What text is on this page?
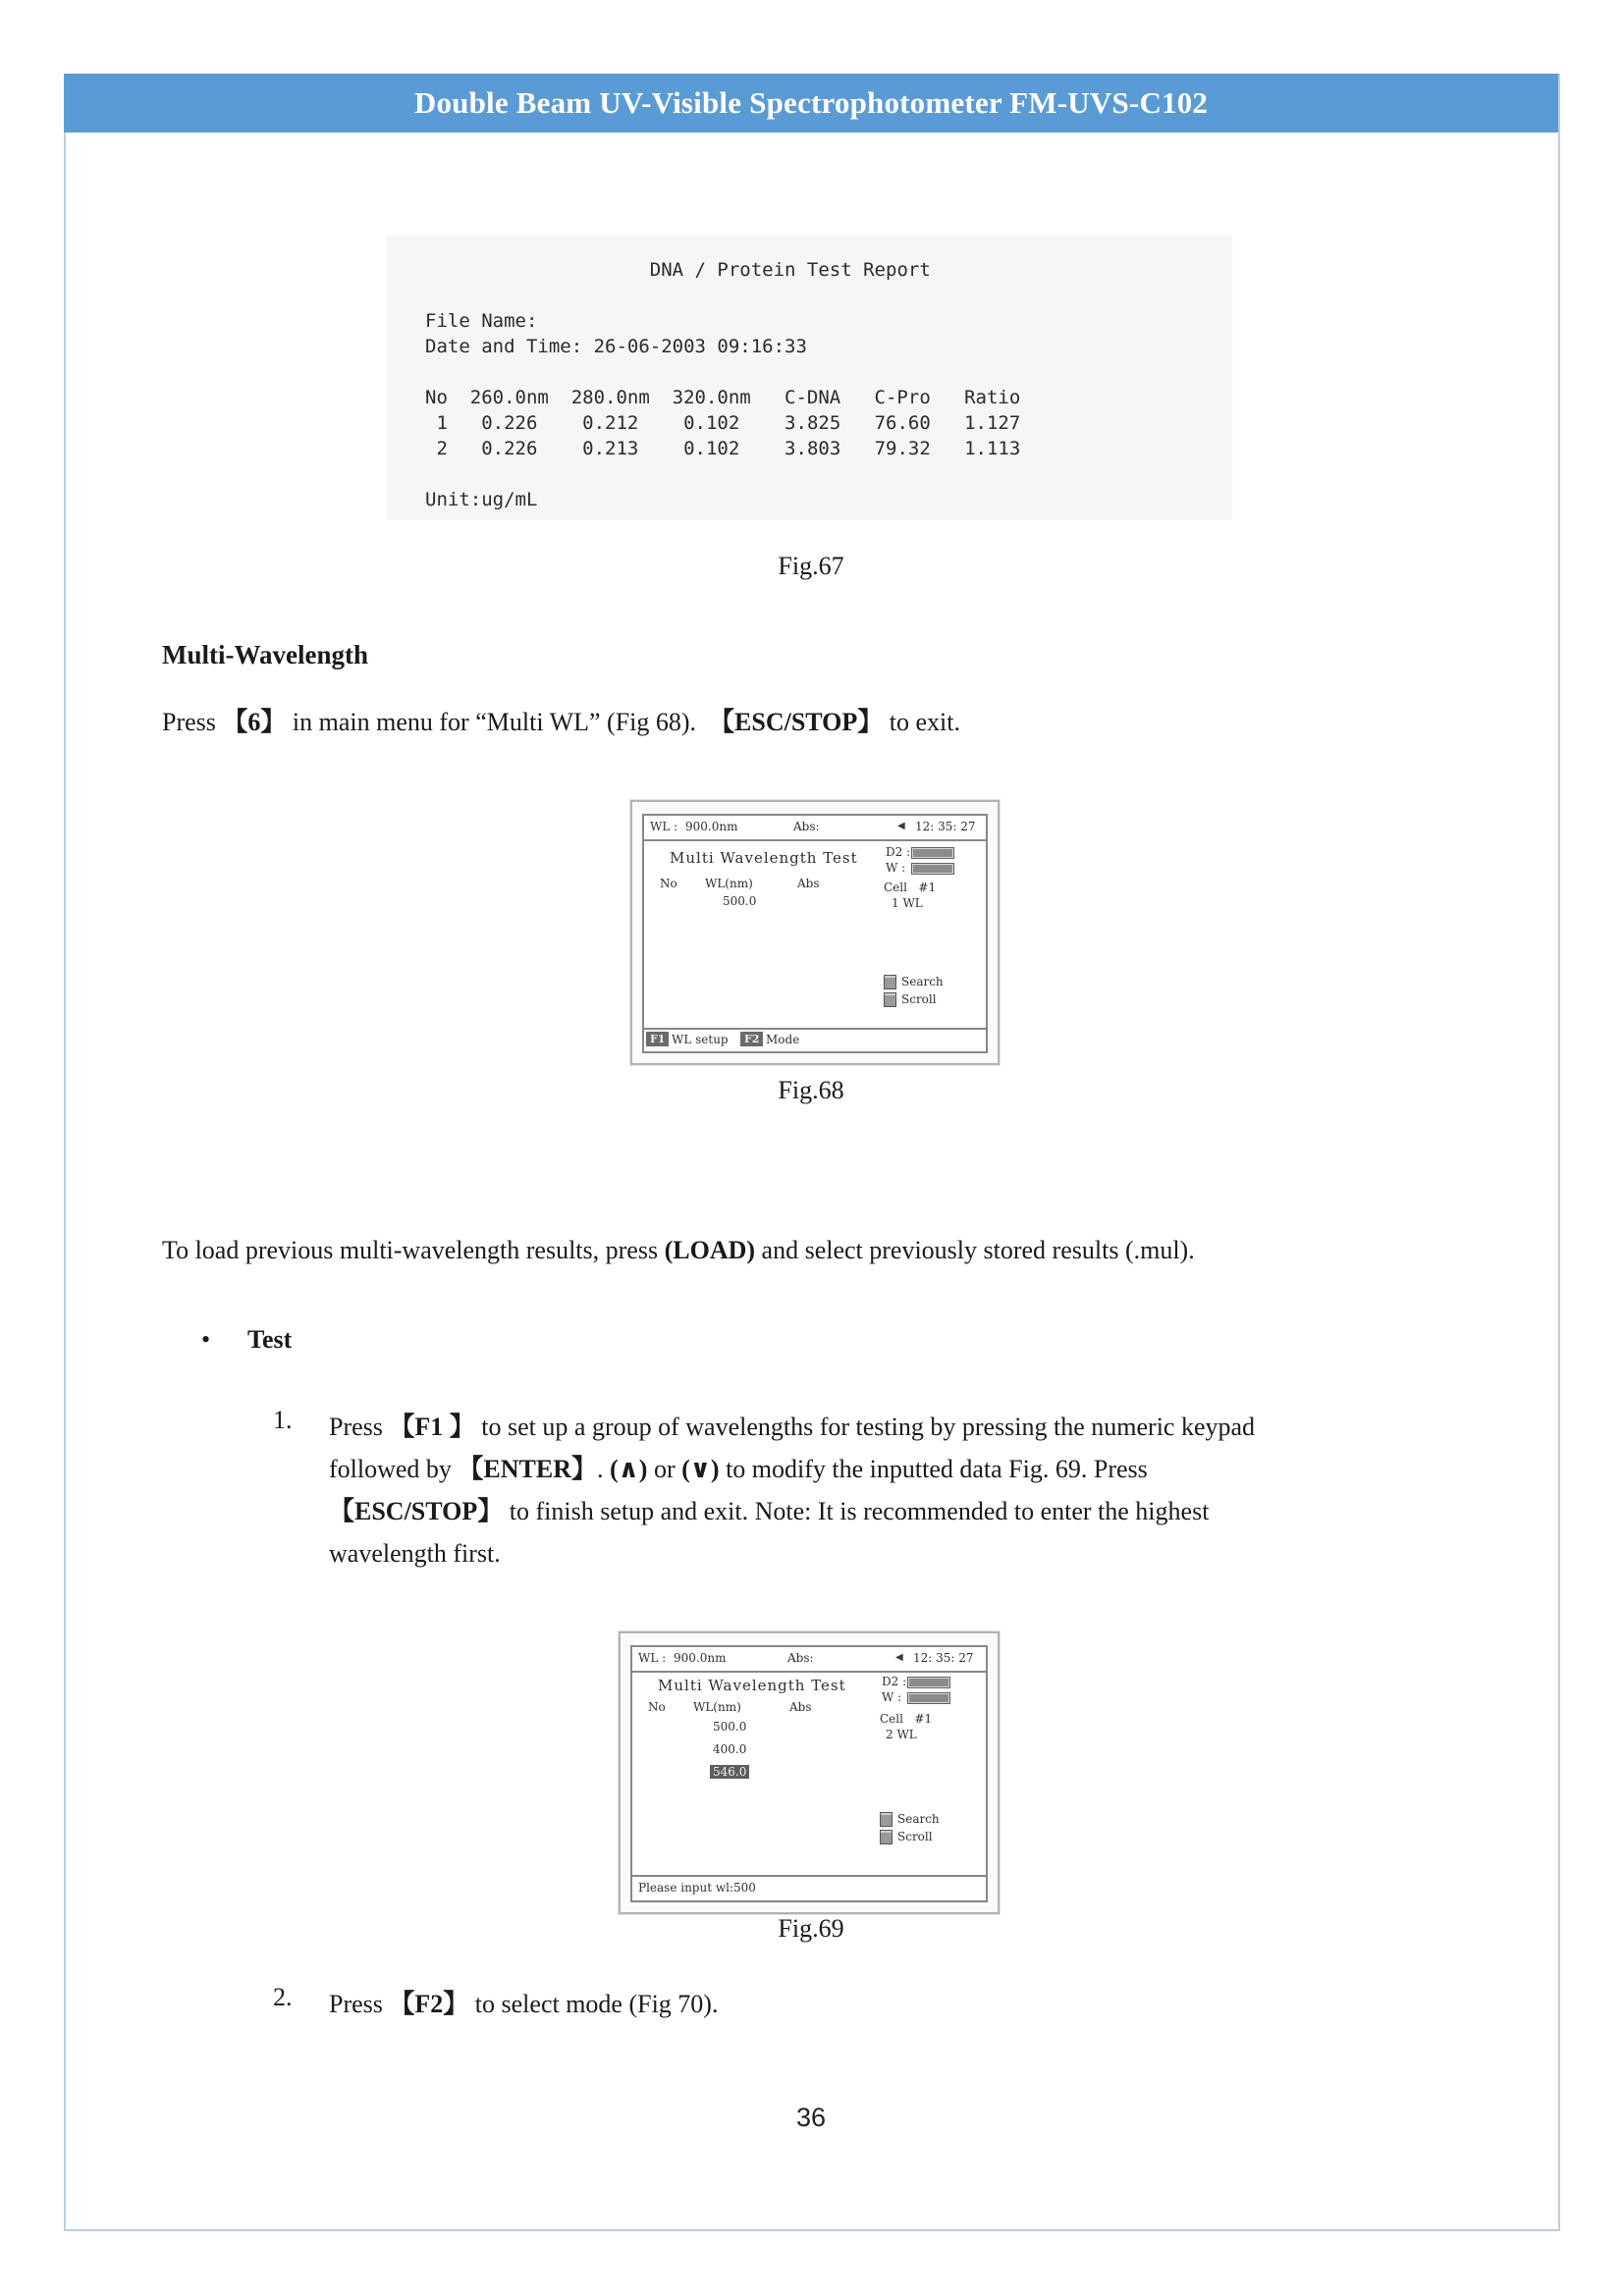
Double Beam UV-Visible Spectrophotometer FM-UVS-C102
DNA / Protein Test Report

File Name:
Date and Time: 26-06-2003 09:16:33

No  260.0nm  280.0nm  320.0nm   C-DNA   C-Pro   Ratio
1   0.226    0.212    0.102    3.825   76.60   1.127
2   0.226    0.213    0.102    3.803   79.32   1.113

Unit:ug/mL
Fig.67
Multi-Wavelength
Press 【6】 in main menu for “Multi WL” (Fig 68).  【ESC/STOP】 to exit.
WL : 900.0nm	Abs:	◀ 12: 35: 27
Multi Wavelength Test
No WL(nm)	Abs
500.0
D2 :
W :
Cell   #1
1 WL
Search
Scroll
F1 WL setup	F2 Mode
Fig.68
To load previous multi-wavelength results, press (LOAD) and select previously stored results (.mul).
• Test
1. Press 【F1 】 to set up a group of wavelengths for testing by pressing the numeric keypad followed by 【ENTER】. (∧) or (∨) to modify the inputted data Fig. 69. Press 【ESC/STOP】 to finish setup and exit. Note: It is recommended to enter the highest wavelength first.
WL : 900.0nm	Abs:	◀ 12: 35: 27
Multi Wavelength Test
No WL(nm)	Abs
500.0
400.0
546.0
D2 :
W :
Cell   #1
2 WL
Search
Scroll
Please input wl:500
Fig.69
2. Press 【F2】 to select mode (Fig 70).
36
